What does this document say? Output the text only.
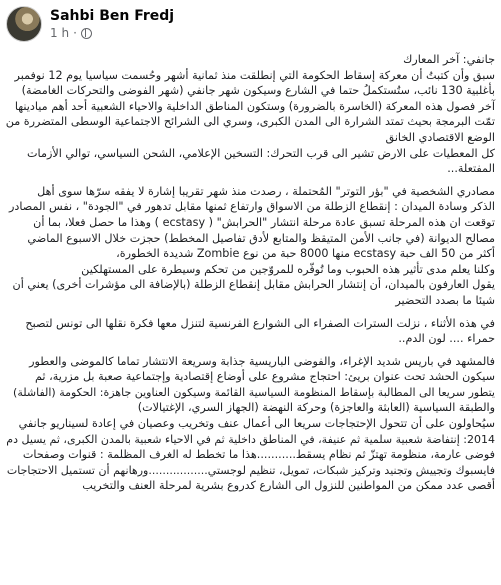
Sahbi Ben Fredj
1 h ·
جانفي: آخر المعارك
سبق وأن كتبتُ أن معركة إسقاط الحكومة التي إنطلقت منذ ثمانية أشهر وحُسمت سياسيا يوم 12 نوفمبر
بأغلبية 130 نائب، ستُستكملُ حتما في الشارع وسيكون شهر جانفي (شهر الفوضى والتحركات الغامضة)
آخر فصول هذه المعركة (الخاسرة بالضرورة) وستكون المناطق الداخلية والاحياء الشعبية أحد أهم ميادينها
تمّت البرمجة بحيث تمتد الشرارة الى المدن الكبرى، وسري الى الشرائح الاجتماعية الوسطى المتضررة من
الوضع الاقتصادي الخانق
كل المعطيات على الارض تشير الى قرب التحرك: التسخين الإعلامي، الشحن السياسي، توالي الأزمات
المفتعلة...
مصادري الشخصية في "بؤر التوتر" المُحتملة ، رصدت منذ شهر تقريبا إشارة لا يفقه سرّها سوى أهل
الذكر وسادة الميدان : إنقطاع الزطلة من الاسواق وارتفاع ثمنها مقابل تدهور في "الجودة" ، نفس المصادر
توقعت ان هذه المرحلة تسبق عادة مرحلة انتشار "الحرابش" ( ecstasy ) وهذا ما حصل فعلا، بما أن
مصالح الديوانة (في جانب الأمن المتيقظ والمتابع لأدق تفاصيل المخطط) حجزت خلال الاسبوع الماضي
أكثر من 50 الف حبة ecstasy منها 8000 حبة من نوع Zombie شديدة الخطورة،
وكلنا يعلم مدى تأثير هذه الحبوب وما تُوفّره للمروّجين من تحكم وسيطرة على المستهلكين
يقول العارفون بالميدان، أن إنتشار الحرابش مقابل إنقطاع الزطلة (بالإضافة الى مؤشرات أخرى) يعني أن
شيئا ما بصدد التحضير
في هذه الأثناء ، نزلت السترات الصفراء الى الشوارع الفرنسية لتنزل معها فكرة نقلها الى تونس لتصبح
حمراء .... لون الدم..
فالمشهد في باريس شديد الإغراء، والفوضى الباريسية جذابة وسريعة الانتشار تماما كالموضى والعطور
سيكون الحشد تحت عنوان بريئ: احتجاج مشروع على أوضاع إقتصادية وإجتماعية صعبة بل مزرية، ثم
يتطور سريعا الى المطالبة بإسقاط المنظومة السياسية القائمة وسيكون العناوين جاهزة: الحكومة (الفاشلة)
والطبقة السياسية (العابثة والعاجزة) وحركة النهضة (الجهاز السري، الإغتيالات)
سيُحاولون على أن تتحول الإحتجاجات سريعا الى أعمال عنف وتخريب وعصيان في إعادة لسيناريو جانفي
2014: إنتفاضة شعبية سلمية ثم عنيفة، في المناطق داخلية ثم في الاحياء شعبية بالمدن الكبرى، ثم يسيل دم
فوضى عارمة، منظومة تهتزّ ثم نظام يسقط...........هذا ما تخطط له الغرف المظلمة : قنوات وصفحات
فايسبوك وتجييش وتجنيد وتركيز شبكات، تمويل، تنظيم لوجستي.................ورهانهم أن تستميل الاحتجاجات
أقصى عدد ممكن من المواطنين للنزول الى الشارع كدروع بشرية لمرحلة العنف والتخريب
